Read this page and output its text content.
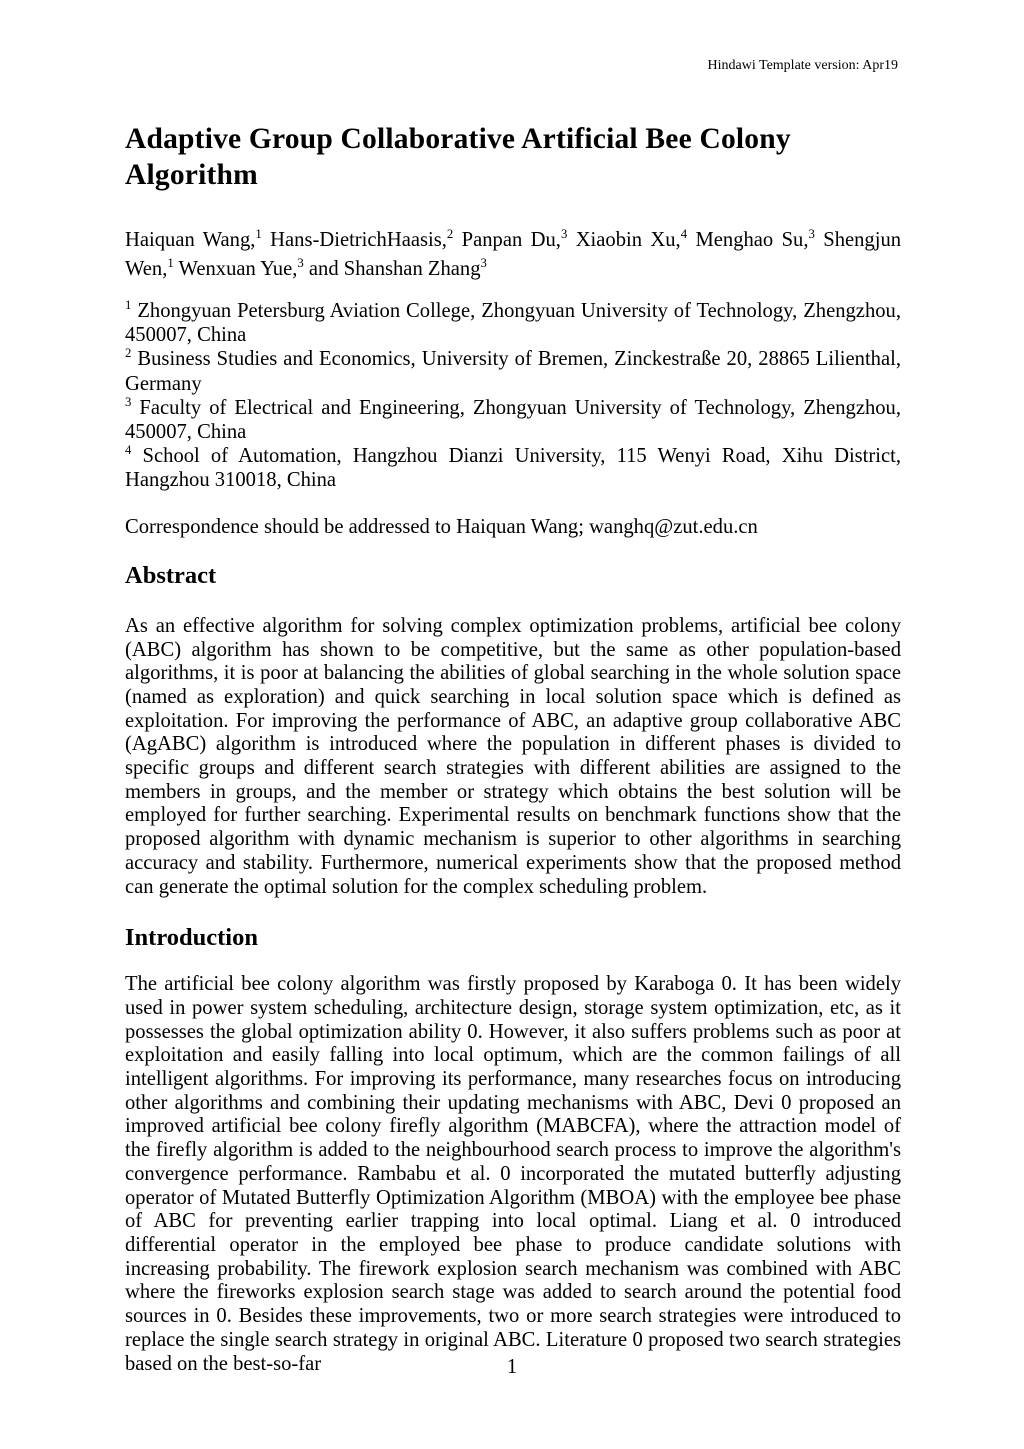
Hindawi Template version: Apr19
Adaptive Group Collaborative Artificial Bee Colony Algorithm

Haiquan Wang,$^1$ Hans-DietrichHaasis,$^2$ Panpan Du,$^3$ Xiaobin Xu,$^4$ Menghao Su,$^3$ Shengjun Wen,$^1$ Wenxuan Yue,$^3$ and Shanshan Zhang$^3$

$^1$ Zhongyuan Petersburg Aviation College, Zhongyuan University of Technology, Zhengzhou, 450007, China
$^2$ Business Studies and Economics, University of Bremen, Zinckestraße 20, 28865 Lilienthal, Germany
$^3$ Faculty of Electrical and Engineering, Zhongyuan University of Technology, Zhengzhou, 450007, China
$^4$ School of Automation, Hangzhou Dianzi University, 115 Wenyi Road, Xihu District, Hangzhou 310018, China

Correspondence should be addressed to Haiquan Wang; wanghq@zut.edu.cn

Abstract

As an effective algorithm for solving complex optimization problems, artificial bee colony (ABC) algorithm has shown to be competitive, but the same as other population-based algorithms, it is poor at balancing the abilities of global searching in the whole solution space (named as exploration) and quick searching in local solution space which is defined as exploitation. For improving the performance of ABC, an adaptive group collaborative ABC (AgABC) algorithm is introduced where the population in different phases is divided to specific groups and different search strategies with different abilities are assigned to the members in groups, and the member or strategy which obtains the best solution will be employed for further searching. Experimental results on benchmark functions show that the proposed algorithm with dynamic mechanism is superior to other algorithms in searching accuracy and stability. Furthermore, numerical experiments show that the proposed method can generate the optimal solution for the complex scheduling problem.

Introduction

The artificial bee colony algorithm was firstly proposed by Karaboga 0. It has been widely used in power system scheduling, architecture design, storage system optimization, etc, as it possesses the global optimization ability 0. However, it also suffers problems such as poor at exploitation and easily falling into local optimum, which are the common failings of all intelligent algorithms. For improving its performance, many researches focus on introducing other algorithms and combining their updating mechanisms with ABC, Devi 0 proposed an improved artificial bee colony firefly algorithm (MABCFA), where the attraction model of the firefly algorithm is added to the neighbourhood search process to improve the algorithm's convergence performance. Rambabu et al. 0 incorporated the mutated butterfly adjusting operator of Mutated Butterfly Optimization Algorithm (MBOA) with the employee bee phase of ABC for preventing earlier trapping into local optimal. Liang et al. 0 introduced differential operator in the employed bee phase to produce candidate solutions with increasing probability. The firework explosion search mechanism was combined with ABC where the fireworks explosion search stage was added to search around the potential food sources in 0. Besides these improvements, two or more search strategies were introduced to replace the single search strategy in original ABC. Literature 0 proposed two search strategies based on the best-so-far	1
